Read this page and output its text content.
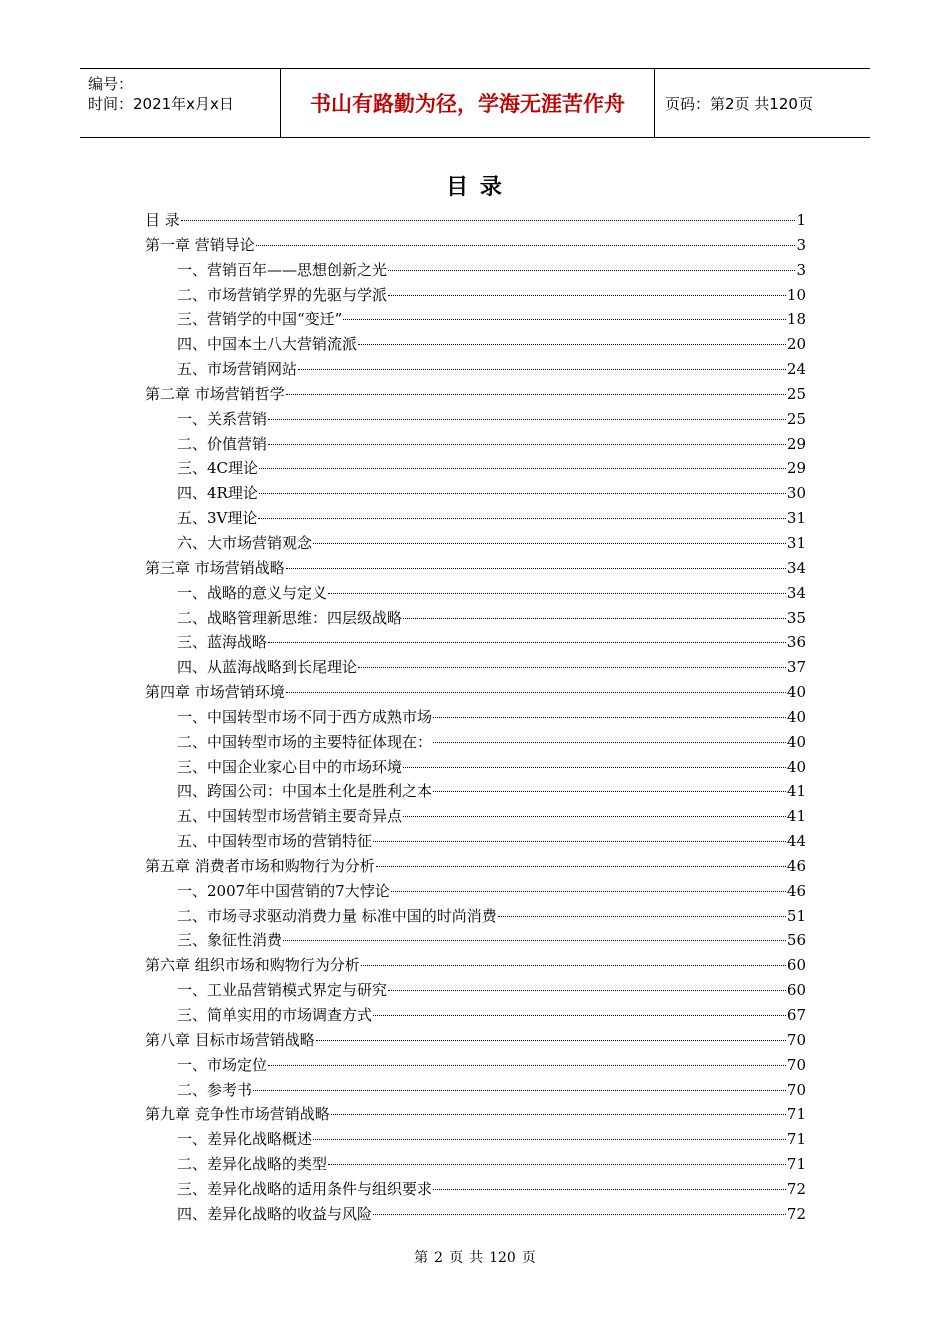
编号：
时间：2021年x月x日	书山有路勤为径，学海无涯苦作舟	页码：第2页 共120页
目 录
目 录	1
第一章 营销导论	3
一、营销百年——思想创新之光	3
二、市场营销学界的先驱与学派	10
三、营销学的中国“变迁”	18
四、中国本土八大营销流派	20
五、市场营销网站	24
第二章 市场营销哲学	25
一、关系营销	25
二、价值营销	29
三、4C理论	29
四、4R理论	30
五、3V理论	31
六、大市场营销观念	31
第三章 市场营销战略	34
一、战略的意义与定义	34
二、战略管理新思维：四层级战略	35
三、蓝海战略	36
四、从蓝海战略到长尾理论	37
第四章 市场营销环境	40
一、中国转型市场不同于西方成熟市场	40
二、中国转型市场的主要特征体现在：	40
三、中国企业家心目中的市场环境	40
四、跨国公司：中国本土化是胜利之本	41
五、中国转型市场营销主要奇异点	41
五、中国转型市场的营销特征	44
第五章 消费者市场和购物行为分析	46
一、2007年中国营销的7大悖论	46
二、市场寻求驱动消费力量 标准中国的时尚消费	51
三、象征性消费	56
第六章 组织市场和购物行为分析	60
一、工业品营销模式界定与研究	60
三、简单实用的市场调查方式	67
第八章 目标市场营销战略	70
一、市场定位	70
二、参考书	70
第九章 竞争性市场营销战略	71
一、差异化战略概述	71
二、差异化战略的类型	71
三、差异化战略的适用条件与组织要求	72
四、差异化战略的收益与风险	72
第 2 页 共 120 页
